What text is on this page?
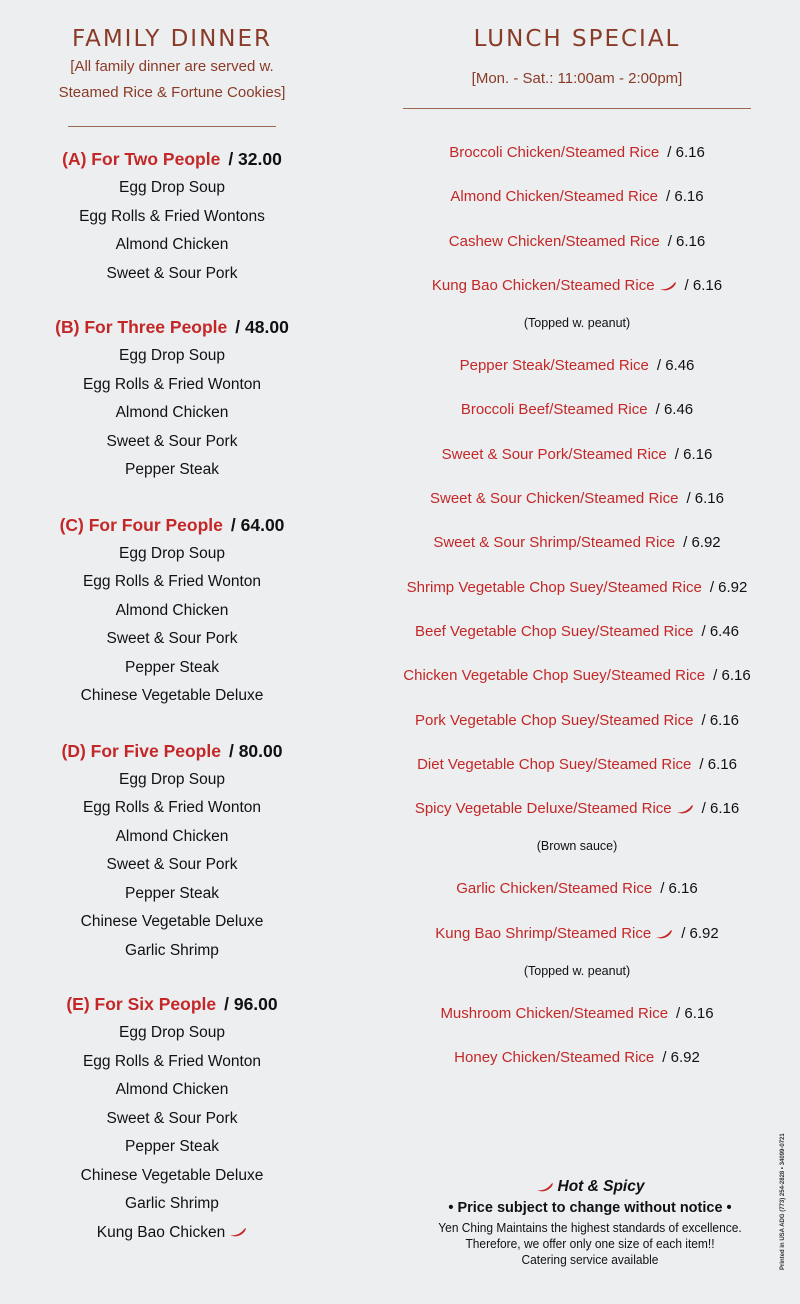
FAMILY DINNER
[All family dinner are served w.
Steamed Rice & Fortune Cookies]
(A) For Two People / 32.00
Egg Drop Soup
Egg Rolls & Fried Wontons
Almond Chicken
Sweet & Sour Pork
(B) For Three People / 48.00
Egg Drop Soup
Egg Rolls & Fried Wonton
Almond Chicken
Sweet & Sour Pork
Pepper Steak
(C) For Four People / 64.00
Egg Drop Soup
Egg Rolls & Fried Wonton
Almond Chicken
Sweet & Sour Pork
Pepper Steak
Chinese Vegetable Deluxe
(D) For Five People / 80.00
Egg Drop Soup
Egg Rolls & Fried Wonton
Almond Chicken
Sweet & Sour Pork
Pepper Steak
Chinese Vegetable Deluxe
Garlic Shrimp
(E) For Six People / 96.00
Egg Drop Soup
Egg Rolls & Fried Wonton
Almond Chicken
Sweet & Sour Pork
Pepper Steak
Chinese Vegetable Deluxe
Garlic Shrimp
Kung Bao Chicken
LUNCH SPECIAL
[Mon. - Sat.: 11:00am - 2:00pm]
Broccoli Chicken/Steamed Rice / 6.16
Almond Chicken/Steamed Rice / 6.16
Cashew Chicken/Steamed Rice / 6.16
Kung Bao Chicken/Steamed Rice / 6.16
(Topped w. peanut)
Pepper Steak/Steamed Rice / 6.46
Broccoli Beef/Steamed Rice / 6.46
Sweet & Sour Pork/Steamed Rice / 6.16
Sweet & Sour Chicken/Steamed Rice / 6.16
Sweet & Sour Shrimp/Steamed Rice / 6.92
Shrimp Vegetable Chop Suey/Steamed Rice / 6.92
Beef Vegetable Chop Suey/Steamed Rice / 6.46
Chicken Vegetable Chop Suey/Steamed Rice / 6.16
Pork Vegetable Chop Suey/Steamed Rice / 6.16
Diet Vegetable Chop Suey/Steamed Rice / 6.16
Spicy Vegetable Deluxe/Steamed Rice / 6.16
(Brown sauce)
Garlic Chicken/Steamed Rice / 6.16
Kung Bao Shrimp/Steamed Rice / 6.92
(Topped w. peanut)
Mushroom Chicken/Steamed Rice / 6.16
Honey Chicken/Steamed Rice / 6.92
Hot & Spicy
• Price subject to change without notice •
Yen Ching Maintains the highest standards of excellence.
Therefore, we offer only one size of each item!!
Catering service available	Printed in USA ADG (773) 254-2828 • 34099-0721
